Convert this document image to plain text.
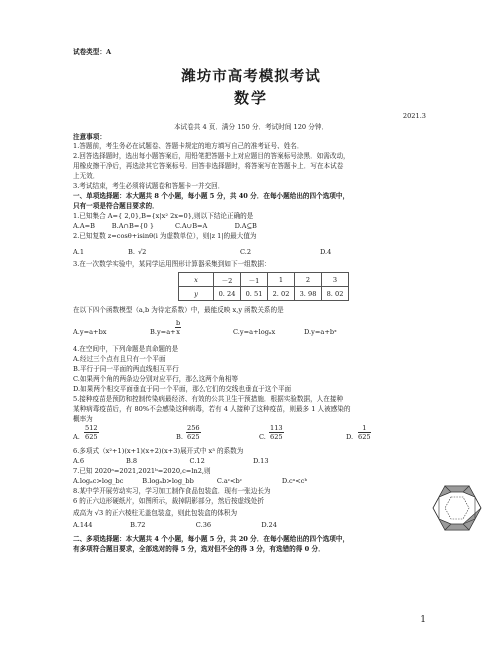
试卷类型：A
潍坊市高考模拟考试
数学
2021.3
本试卷共 4 页．满分 150 分．考试时间 120 分钟．
注意事项：
1.答题前，考生务必在试题卷、答题卡规定的地方填写自己的准考证号、姓名．
2.回答选择题时，选出每小题答案后，用铅笔把答题卡上对应题目的答案标号涂黑．如需改动，
用橡皮擦干净后，再选涂其它答案标号．回答非选择题时，将答案写在答题卡上．写在本试卷
上无效．
3.考试结束，考生必须将试题卷和答题卡一并交回．
一、单项选择题：本大题共 8 个小题，每小题 5 分，共 40 分．在每小题给出的四个选项中，
只有一项是符合题目要求的．
1.已知集合 A={ 2,0},B={x|x² 2x=0},则以下结论正确的是
A.A=B        B.A∩B={0 }          C.A∪B=A             D.A⊆B
2.已知复数 z=cosθ+isinθ(i 为虚数单位），则|z 1|的最大值为
A.1	B. √2	C.2	D.4
3.在一次数学实验中，某同学运用图形计算器采集到如下一组数据：
x	－2	－1	1	2	3
y	0. 24	0. 51	2. 02	3. 98	8. 02
在以下四个函数模型（a,b 为待定系数）中，最能反映 x,y 函数关系的是
A.y=a+bx	$B.y=a+ \frac{b}{x}$	C.y=a+logₐx	D.y=a+bˣ
4.在空间中，下列命题是真命题的是
A.经过三个点有且只有一个平面
B.平行于同一平面的两直线相互平行
C.如果两个角的两条边分别对应平行，那么这两个角相等
D.如果两个相交平面垂直于同一个平面，那么它们的交线也垂直于这个平面
5.接种疫苗是预防和控制传染病最经济、有效的公共卫生干预措施．根据实验数据，人在接种
某种病毒疫苗后，有 80%不会感染这种病毒，若有 4 人接种了这种疫苗，则最多 1 人被感染的
概率为
A. $\frac{512}{625}$	B. $\frac{256}{625}$	C. $\frac{113}{625}$	D. $\frac{1}{625}$
6.多项式（x²+1)(x+1)(x+2)(x+3)展开式中 x³ 的系数为
A.6                    B.8                         C.12                       D.13
7.已知 2020ᵃ=2021,2021ᵇ=2020,c=ln2,则
A.logₐc>log_bc         B.logₐb>log_bb           C.aᶜ<bᶜ                   D.cᵃ<cᵇ
8.某中学开展劳动实习，学习加工制作食品包装盒．现有一张边长为
6 的正六边形硬纸片，如图所示，裁掉阴影部分，然后按虚线处折
成高为 √3 的正六棱柱无盖包装盒，则此包装盒的体积为
A.144                  B.72                        C.36                        D.24
二、多项选择题：本大题共 4 个小题，每小题 5 分，共 20 分．在每小题给出的四个选项中，
有多项符合题目要求，全部选对的得 5 分，选对但不全的得 3 分，有选错的得 0 分．
1
